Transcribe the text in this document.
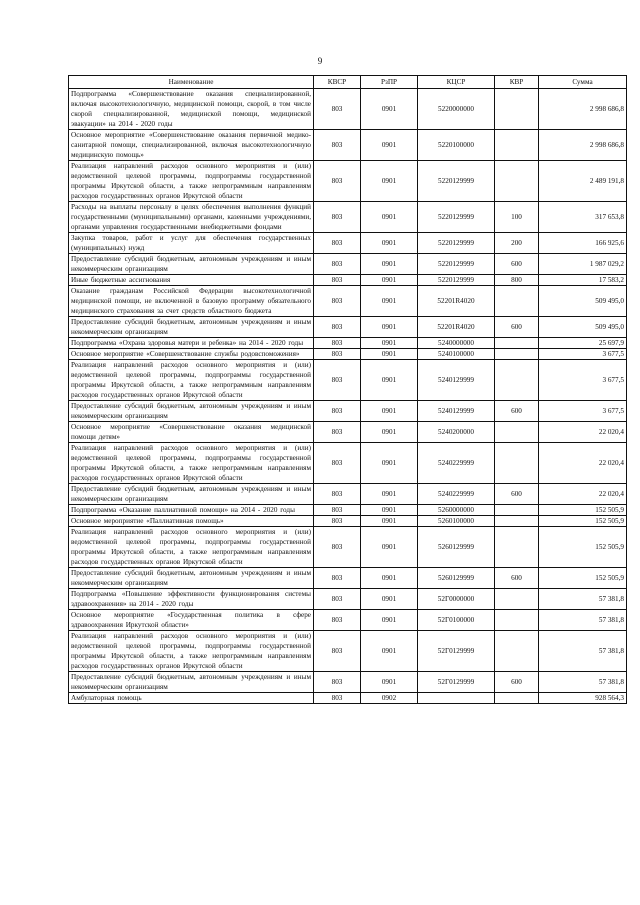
9
Наименование	КВСР	РзПР	КЦСР	КВР	Сумма
Подпрограмма «Совершенствование оказания специализированной, включая высокотехнологичную, медицинской помощи, скорой, в том числе скорой специализированной, медицинской помощи, медицинской эвакуации» на 2014 - 2020 годы	803	0901	5220000000		2 998 686,8
Основное мероприятие «Совершенствование оказания первичной медико-санитарной помощи, специализированной, включая высокотехнологичную медицинскую помощь»	803	0901	5220100000		2 998 686,8
Реализация направлений расходов основного мероприятия и (или) ведомственной целевой программы, подпрограммы государственной программы Иркутской области, а также непрограммным направлениям расходов государственных органов Иркутской области	803	0901	5220129999		2 489 191,8
Расходы на выплаты персоналу в целях обеспечения выполнения функций государственными (муниципальными) органами, казенными учреждениями, органами управления государственными внебюджетными фондами	803	0901	5220129999	100	317 653,8
Закупка товаров, работ и услуг для обеспечения государственных (муниципальных) нужд	803	0901	5220129999	200	166 925,6
Предоставление субсидий бюджетным, автономным учреждениям и иным некоммерческим организациям	803	0901	5220129999	600	1 987 029,2
Иные бюджетные ассигнования	803	0901	5220129999	800	17 583,2
Оказание гражданам Российской Федерации высокотехнологичной медицинской помощи, не включенной в базовую программу обязательного медицинского страхования за счет средств областного бюджета	803	0901	52201R4020		509 495,0
Предоставление субсидий бюджетным, автономным учреждениям и иным некоммерческим организациям	803	0901	52201R4020	600	509 495,0
Подпрограмма «Охрана здоровья матери и ребенка» на 2014 - 2020 годы	803	0901	5240000000		25 697,9
Основное мероприятие «Совершенствование службы родовспоможения»	803	0901	5240100000		3 677,5
Реализация направлений расходов основного мероприятия и (или) ведомственной целевой программы, подпрограммы государственной программы Иркутской области, а также непрограммным направлениям расходов государственных органов Иркутской области	803	0901	5240129999		3 677,5
Предоставление субсидий бюджетным, автономным учреждениям и иным некоммерческим организациям	803	0901	5240129999	600	3 677,5
Основное мероприятие «Совершенствование оказания медицинской помощи детям»	803	0901	5240200000		22 020,4
Реализация направлений расходов основного мероприятия и (или) ведомственной целевой программы, подпрограммы государственной программы Иркутской области, а также непрограммным направлениям расходов государственных органов Иркутской области	803	0901	5240229999		22 020,4
Предоставление субсидий бюджетным, автономным учреждениям и иным некоммерческим организациям	803	0901	5240229999	600	22 020,4
Подпрограмма «Оказание паллиативной помощи» на 2014 - 2020 годы	803	0901	5260000000		152 505,9
Основное мероприятие «Паллиативная помощь»	803	0901	5260100000		152 505,9
Реализация направлений расходов основного мероприятия и (или) ведомственной целевой программы, подпрограммы государственной программы Иркутской области, а также непрограммным направлениям расходов государственных органов Иркутской области	803	0901	5260129999		152 505,9
Предоставление субсидий бюджетным, автономным учреждениям и иным некоммерческим организациям	803	0901	5260129999	600	152 505,9
Подпрограмма «Повышение эффективности функционирования системы здравоохранения» на 2014 - 2020 годы	803	0901	52Г0000000		57 381,8
Основное мероприятие «Государственная политика в сфере здравоохранения Иркутской области»	803	0901	52Г0100000		57 381,8
Реализация направлений расходов основного мероприятия и (или) ведомственной целевой программы, подпрограммы государственной программы Иркутской области, а также непрограммным направлениям расходов государственных органов Иркутской области	803	0901	52Г0129999		57 381,8
Предоставление субсидий бюджетным, автономным учреждениям и иным некоммерческим организациям	803	0901	52Г0129999	600	57 381,8
Амбулаторная помощь	803	0902			928 564,3
